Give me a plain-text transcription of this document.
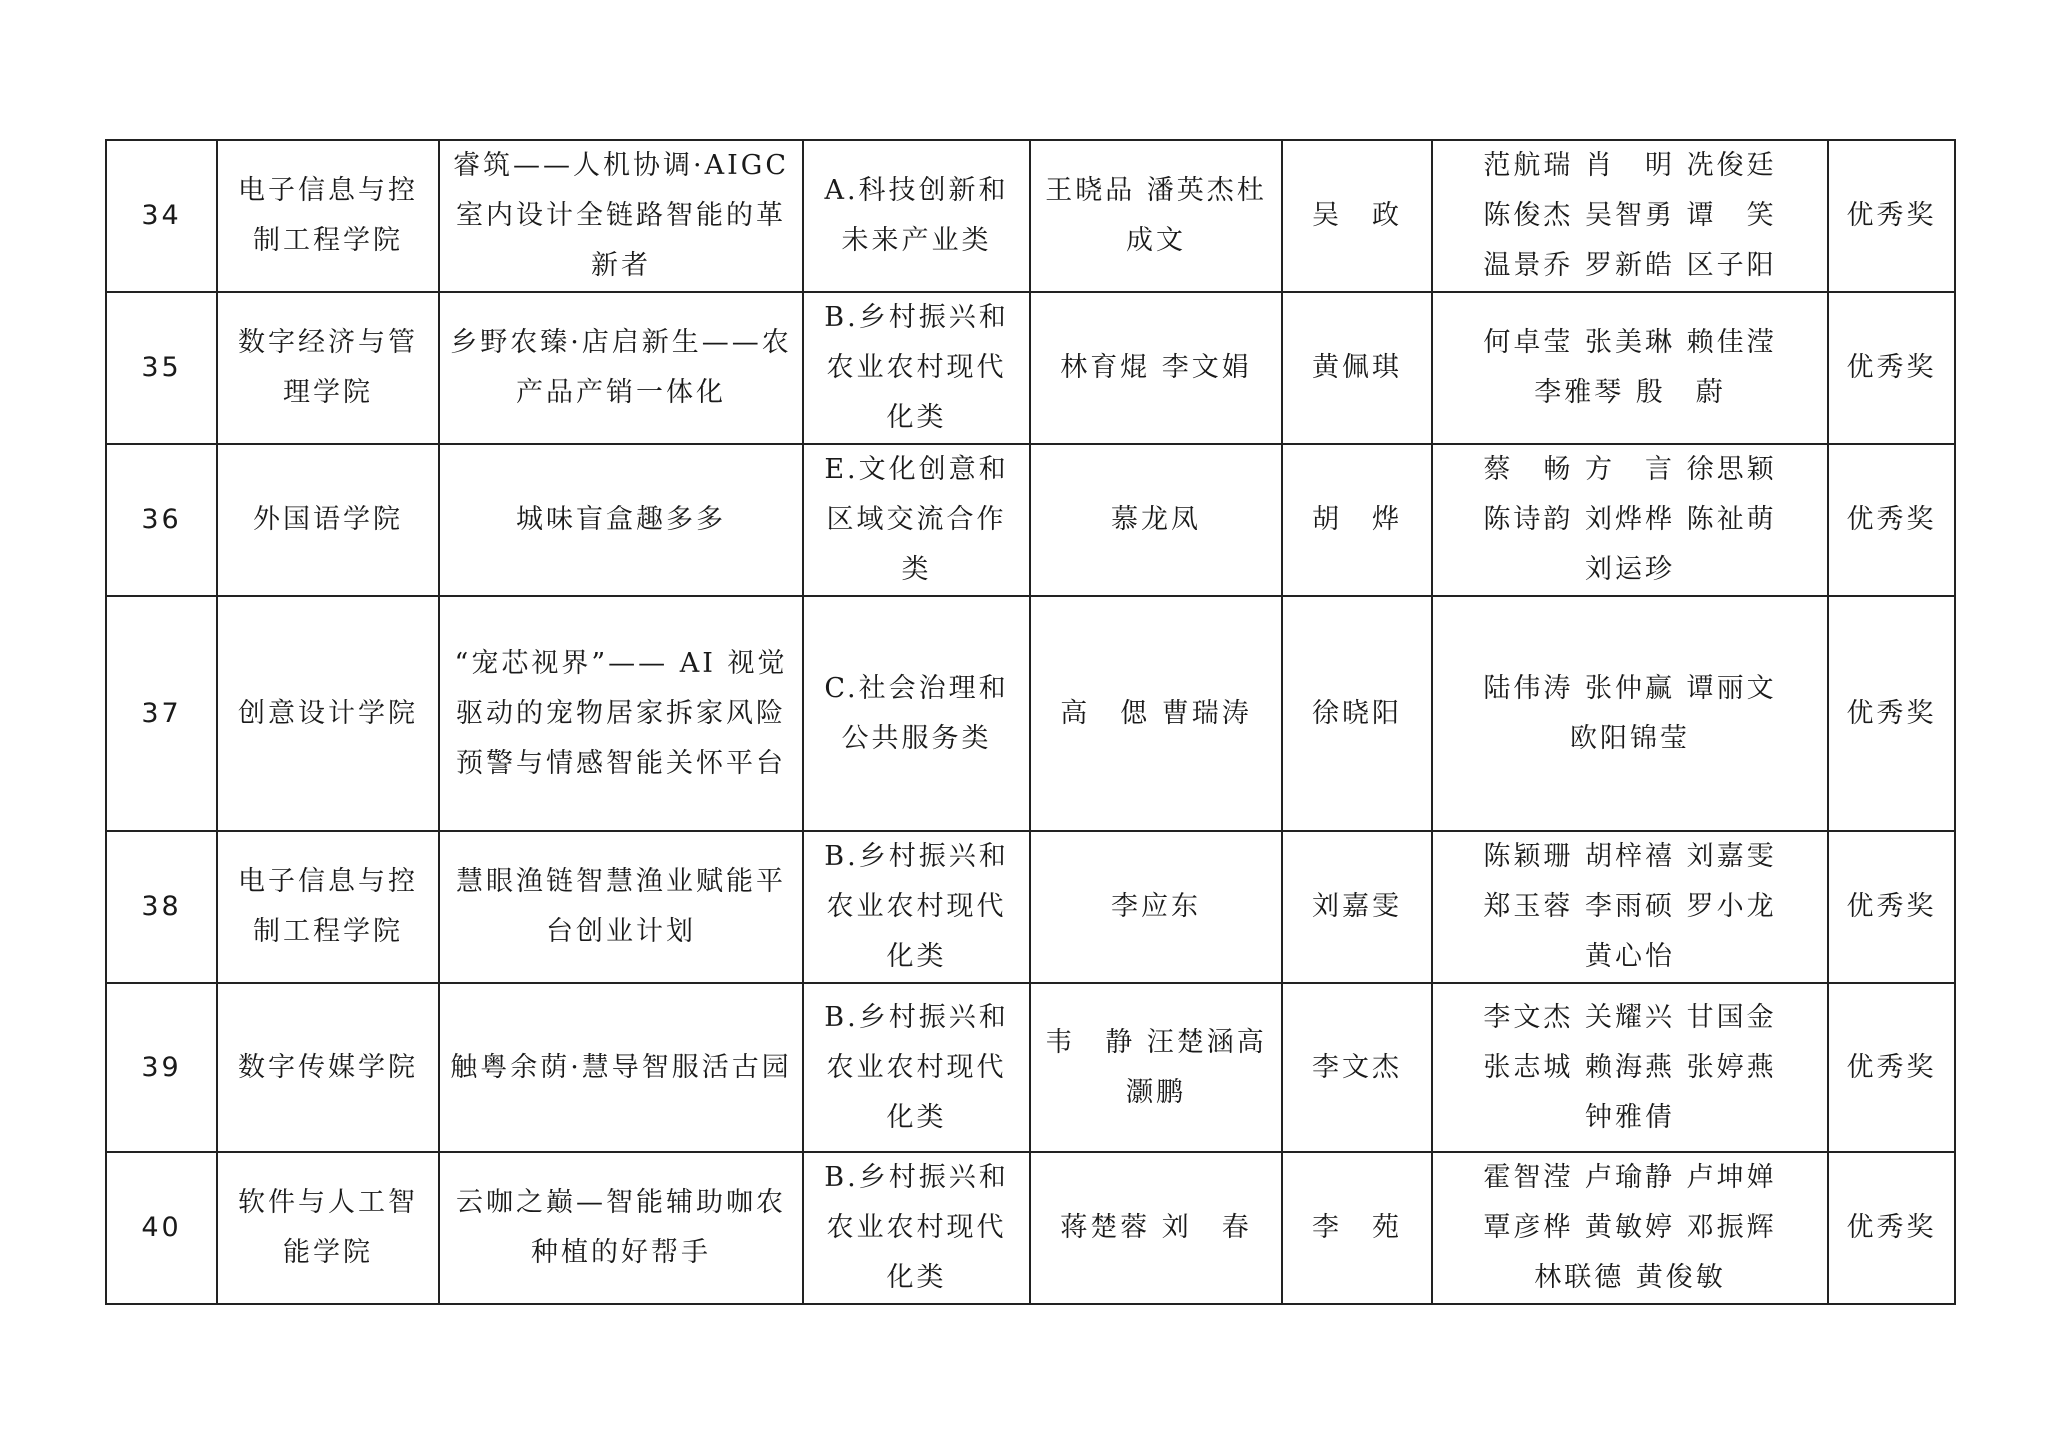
34	电子信息与控制工程学院	睿筑——人机协调·AIGC室内设计全链路智能的革新者	A.科技创新和未来产业类	王晓品 潘英杰杜成文	吴　政	范航瑞 肖　明 冼俊廷
陈俊杰 吴智勇 谭　笑
温景乔 罗新皓 区子阳	优秀奖
35	数字经济与管理学院	乡野农臻·店启新生——农产品产销一体化	B.乡村振兴和农业农村现代化类	林育焜 李文娟	黄佩琪	何卓莹 张美琳 赖佳滢
李雅琴 殷　蔚	优秀奖
36	外国语学院	城味盲盒趣多多	E.文化创意和区域交流合作类	慕龙凤	胡　烨	蔡　畅 方　言 徐思颖
陈诗韵 刘烨桦 陈祉萌
刘运珍	优秀奖
37	创意设计学院	“宠芯视界”—— AI 视觉驱动的宠物居家拆家风险预警与情感智能关怀平台	C.社会治理和公共服务类	高　偲 曹瑞涛	徐晓阳	陆伟涛 张仲赢 谭丽文
欧阳锦莹	优秀奖
38	电子信息与控制工程学院	慧眼渔链智慧渔业赋能平台创业计划	B.乡村振兴和农业农村现代化类	李应东	刘嘉雯	陈颖珊 胡梓禧 刘嘉雯
郑玉蓉 李雨硕 罗小龙
黄心怡	优秀奖
39	数字传媒学院	触粤余荫·慧导智服活古园	B.乡村振兴和农业农村现代化类	韦　静 汪楚涵高灏鹏	李文杰	李文杰 关耀兴 甘国金
张志城 赖海燕 张婷燕
钟雅倩	优秀奖
40	软件与人工智能学院	云咖之巅—智能辅助咖农种植的好帮手	B.乡村振兴和农业农村现代化类	蒋楚蓉 刘　春	李　苑	霍智滢 卢瑜静 卢坤婵
覃彦桦 黄敏婷 邓振辉
林联德 黄俊敏	优秀奖
